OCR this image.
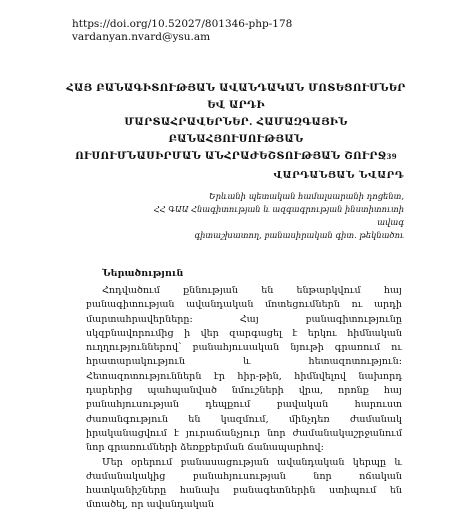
https://doi.org/10.52027/801346-php-178
vardanyan.nvard@ysu.am
ՀԱՅ ԲԱՆԱԳԻՏՈՒԹՅԱՆ ԱՎԱՆԴԱԿԱՆ ՄՈՏԵՑՈՒՄՆԵՐ ԵՎ ԱՐԴԻ
ՄԱՐՏԱՀՐԱՎԵՐՆԵՐ. ՀԱՄԱԶԳԱՅԻՆ ԲԱՆԱՀՅՈՒՍՈՒԹՅԱՆ
ՈՒՍՈՒՄՆԱՍԻՐՄԱՆ ԱՆՀՐԱԺԵՇՏՈՒԹՅԱՆ ՇՈՒՐՋ$^{39}$
ՎԱՐԴԱՆՅԱՆ ՆՎԱՐԴ
Երևանի պետական համալսարանի դոցենտ,
ՀՀ ԳԱԱ Հնագիտության և ազգագրության ինստիտուտի ավագ
գիտաշխատող, բանասիրական գիտ. թեկնածու
Ներածություն

Հոդվածում քննության են ենթարկվում հայ բանագիտության ավանդական մոտեցումներն ու արդի մարտահրավերները: Հայ բանագիտությունը սկզբնավորումից ի վեր զարգացել է երկու հիմնական ուղղություններով՝ բանահյուսական նյութի գրառում ու հրատարակություն և հետազոտություն: Հետազոտություններն էր հիր-թին, հիմնվելով նախորդ դարերից պահպանված նմուշների վրա, որոնք հայ բանահյուսության դեպքում բավական հարուստ ժառանգություն են կազմում, մինչդեռ ժամանակ իրականացվում է յուրաճանչյուր նոր ժամանակաշրջանում նոր գրառումների ձեռքբերման ճանապարհով:

Մեր օրերում բանասացության ավանդական կերպը և ժամանակակից բանահյուսության նոր ոճական հատկանիշները հանախ բանագետներին ստիպում են մտածել, որ ավանդական
